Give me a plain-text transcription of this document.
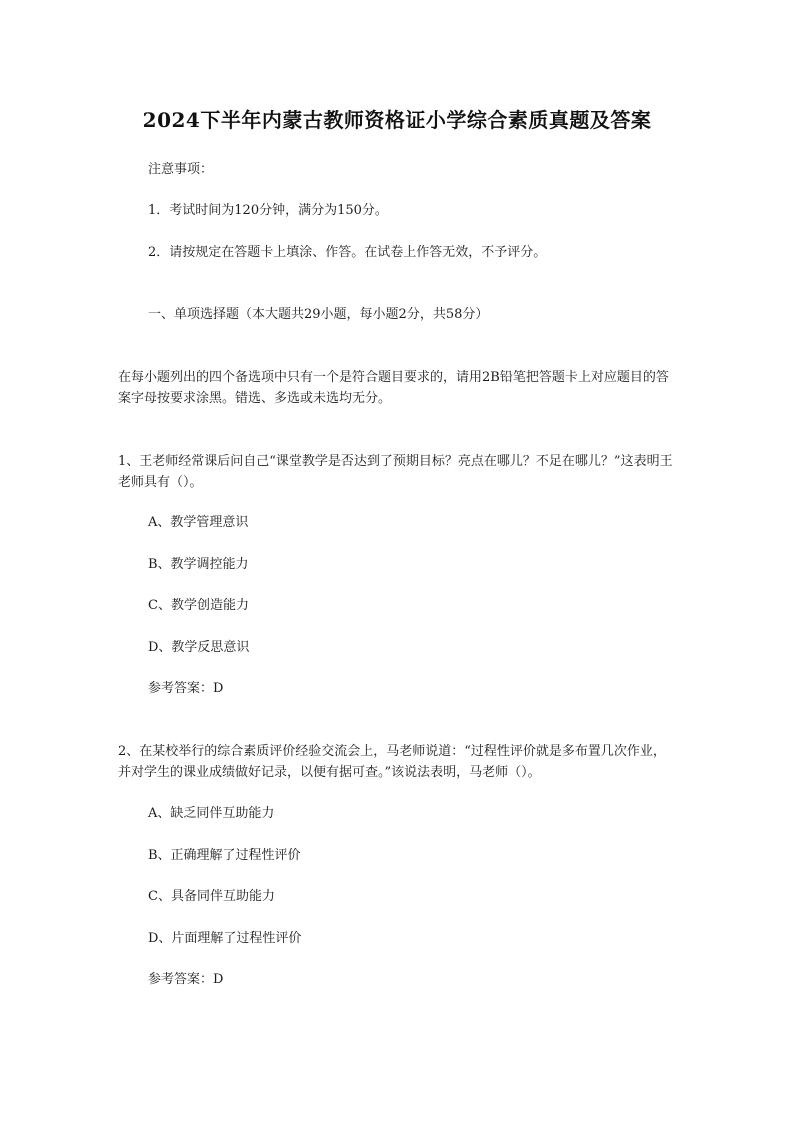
2024下半年内蒙古教师资格证小学综合素质真题及答案
注意事项：
1．考试时间为120分钟，满分为150分。
2．请按规定在答题卡上填涂、作答。在试卷上作答无效，不予评分。
一、单项选择题（本大题共29小题，每小题2分，共58分）
在每小题列出的四个备选项中只有一个是符合题目要求的，请用2B铅笔把答题卡上对应题目的答案字母按要求涂黑。错选、多选或未选均无分。
1、王老师经常课后问自己“课堂教学是否达到了预期目标？亮点在哪儿？不足在哪儿？”这表明王老师具有（）。
A、教学管理意识
B、教学调控能力
C、教学创造能力
D、教学反思意识
参考答案：D
2、在某校举行的综合素质评价经验交流会上，马老师说道：“过程性评价就是多布置几次作业，并对学生的课业成绩做好记录，以便有据可查。”该说法表明，马老师（）。
A、缺乏同伴互助能力
B、正确理解了过程性评价
C、具备同伴互助能力
D、片面理解了过程性评价
参考答案：D
